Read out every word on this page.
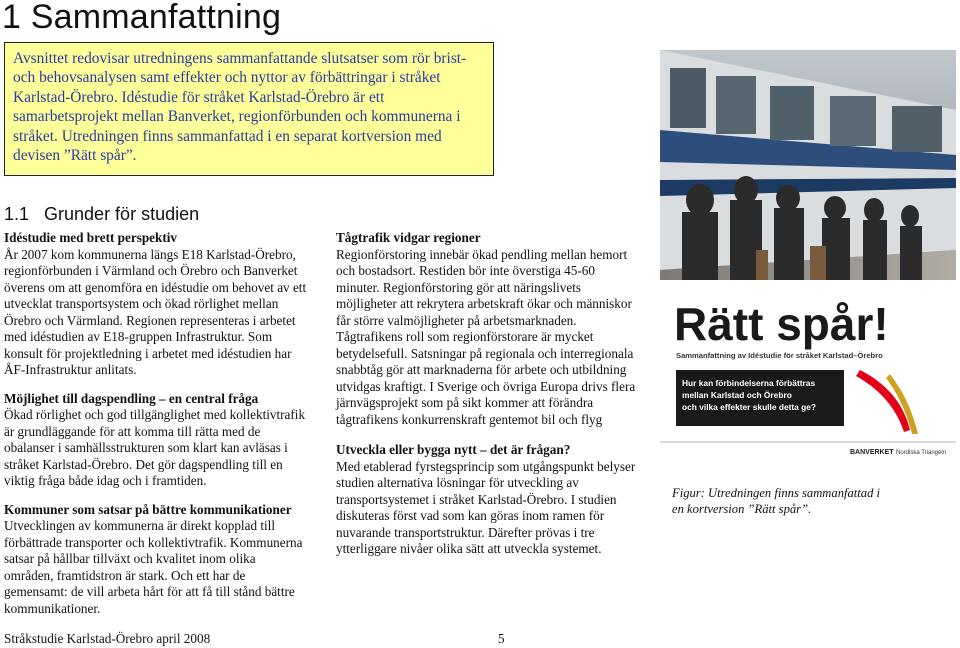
1 Sammanfattning
Avsnittet redovisar utredningens sammanfattande slutsatser som rör brist-
och behovsanalysen samt effekter och nyttor av förbättringar i stråket
Karlstad-Örebro. Idéstudie för stråket Karlstad-Örebro är ett
samarbetsprojekt mellan Banverket, regionförbunden och kommunerna i
stråket. Utredningen finns sammanfattad i en separat kortversion med
devisen ”Rätt spår”.
1.1   Grunder för studien

Idéstudie med brett perspektiv

År 2007 kom kommunerna längs E18 Karlstad-Örebro,

regionförbunden i Värmland och Örebro och Banverket

överens om att genomföra en idéstudie om behovet av ett

utvecklat transportsystem och ökad rörlighet mellan

Örebro och Värmland. Regionen representeras i arbetet

med idéstudien av E18-gruppen Infrastruktur. Som

konsult för projektledning i arbetet med idéstudien har

ÅF-Infrastruktur anlitats.

Möjlighet till dagspendling – en central fråga

Ökad rörlighet och god tillgänglighet med kollektivtrafik

är grundläggande för att komma till rätta med de

obalanser i samhällsstrukturen som klart kan avläsas i

stråket Karlstad-Örebro. Det gör dagspendling till en

viktig fråga både idag och i framtiden.

Kommuner som satsar på bättre kommunikationer

Utvecklingen av kommunerna är direkt kopplad till

förbättrade transporter och kollektivtrafik. Kommunerna

satsar på hållbar tillväxt och kvalitet inom olika

områden, framtidstron är stark. Och ett har de

gemensamt: de vill arbeta hårt för att få till stånd bättre

kommunikationer.

Tågtrafik vidgar regioner

Regionförstoring innebär ökad pendling mellan hemort

och bostadsort. Restiden bör inte överstiga 45-60

minuter. Regionförstoring gör att näringslivets

möjligheter att rekrytera arbetskraft ökar och människor

får större valmöjligheter på arbetsmarknaden.

Tågtrafikens roll som regionförstorare är mycket

betydelsefull. Satsningar på regionala och interregionala

snabbtåg gör att marknaderna för arbete och utbildning

utvidgas kraftigt. I Sverige och övriga Europa drivs flera

järnvägsprojekt som på sikt kommer att förändra

tågtrafikens konkurrenskraft gentemot bil och flyg

Utveckla eller bygga nytt – det är frågan?

Med etablerad fyrstegsprincip som utgångspunkt belyser

studien alternativa lösningar för utveckling av

transportsystemet i stråket Karlstad-Örebro. I studien

diskuteras först vad som kan göras inom ramen för

nuvarande transportstruktur. Därefter prövas i tre

ytterliggare nivåer olika sätt att utveckla systemet.

Rätt spår!
Sammanfattning av Idéstudie för stråket Karlstad–Örebro
Hur kan förbindelserna förbättras
mellan Karlstad och Örebro
och vilka effekter skulle detta ge?
BANVERKET Nordiska Triangeln
Figur: Utredningen finns sammanfattad i
en kortversion ”Rätt spår”.
Stråkstudie Karlstad-Örebro april 2008	5
